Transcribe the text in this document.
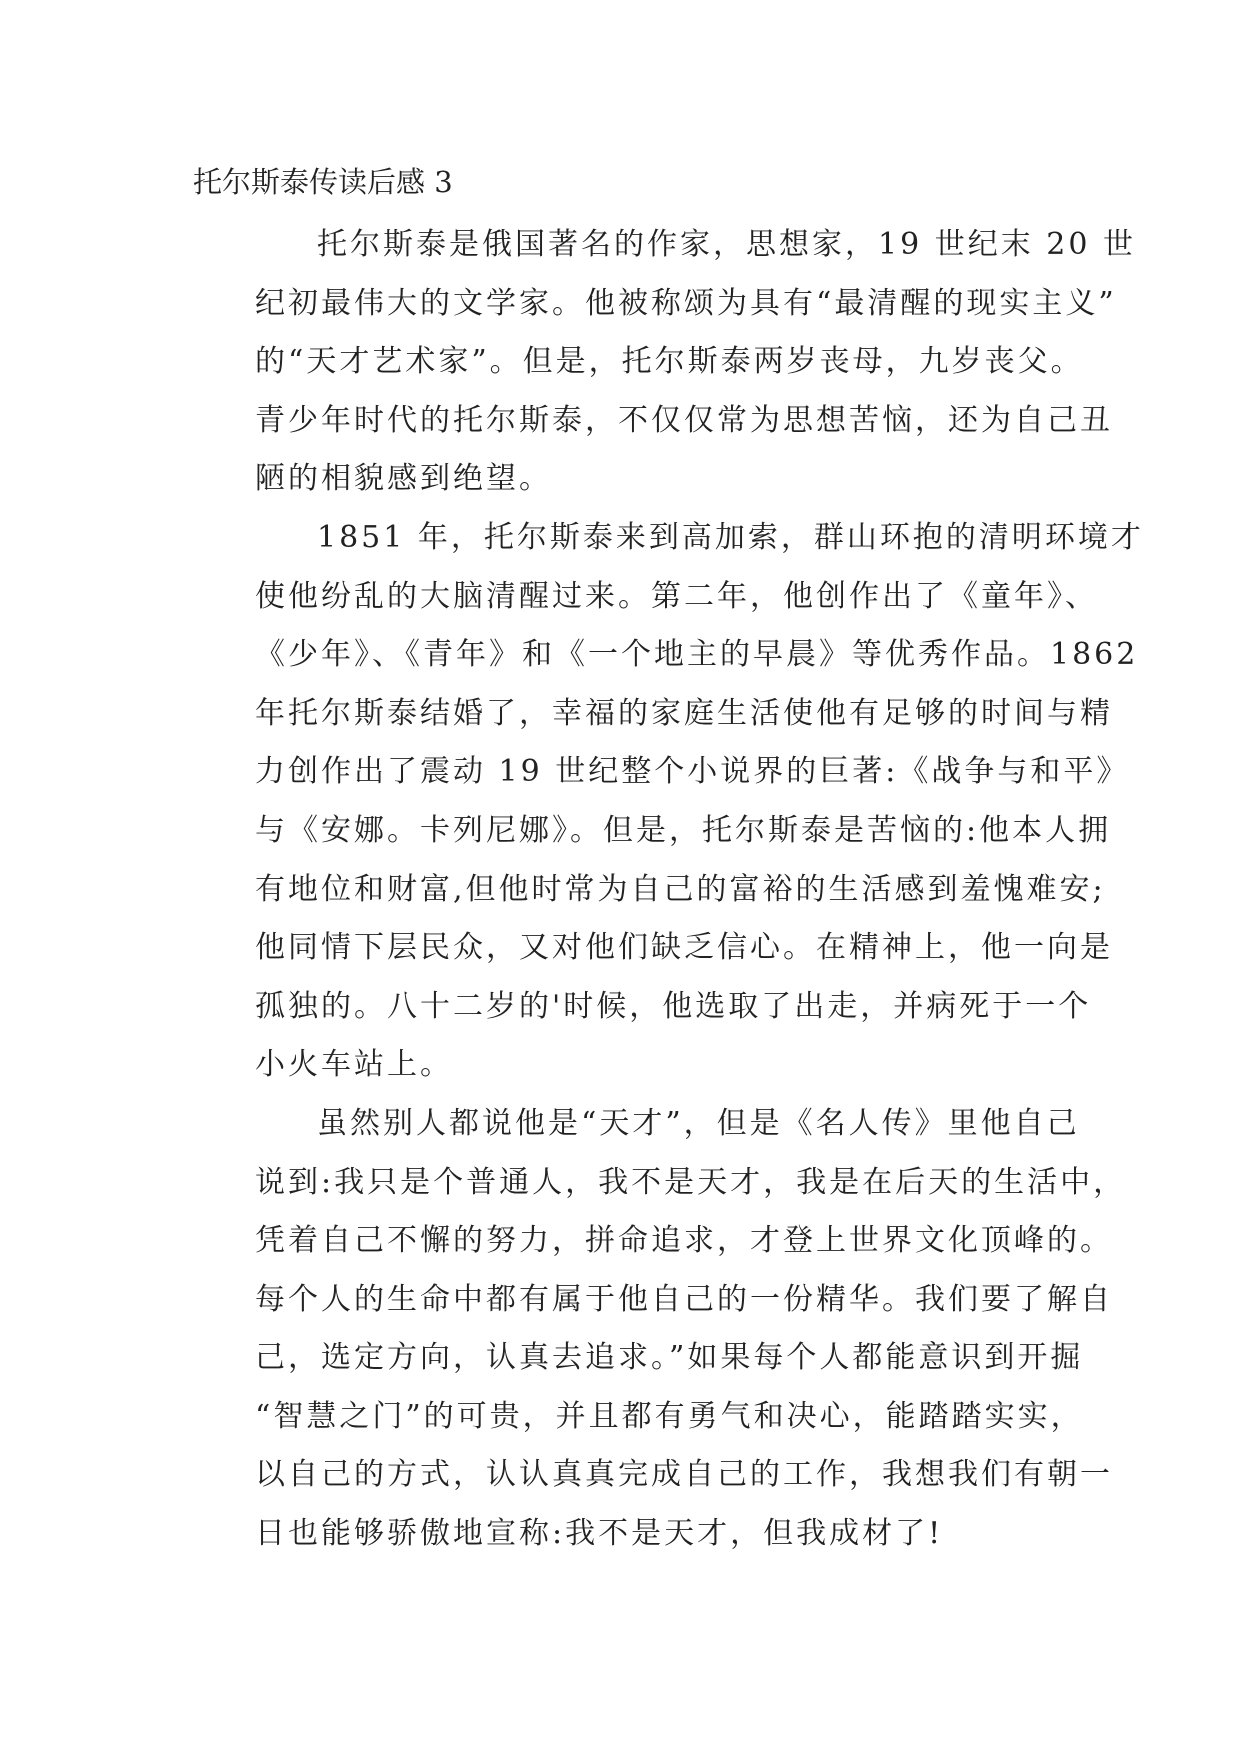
托尔斯泰传读后感 3
托尔斯泰是俄国著名的作家，思想家，19 世纪末 20 世
纪初最伟大的文学家。他被称颂为具有“最清醒的现实主义”
的“天才艺术家”。但是，托尔斯泰两岁丧母，九岁丧父。
青少年时代的托尔斯泰，不仅仅常为思想苦恼，还为自己丑
陋的相貌感到绝望。
1851 年，托尔斯泰来到高加索，群山环抱的清明环境才
使他纷乱的大脑清醒过来。第二年，他创作出了《童年》、
《少年》、《青年》和《一个地主的早晨》等优秀作品。1862
年托尔斯泰结婚了，幸福的家庭生活使他有足够的时间与精
力创作出了震动 19 世纪整个小说界的巨著:《战争与和平》
与《安娜。卡列尼娜》。但是，托尔斯泰是苦恼的:他本人拥
有地位和财富,但他时常为自己的富裕的生活感到羞愧难安;
他同情下层民众，又对他们缺乏信心。在精神上，他一向是
孤独的。八十二岁的'时候，他选取了出走，并病死于一个
小火车站上。
虽然别人都说他是“天才”，但是《名人传》里他自己
说到:我只是个普通人，我不是天才，我是在后天的生活中，
凭着自己不懈的努力，拼命追求，才登上世界文化顶峰的。
每个人的生命中都有属于他自己的一份精华。我们要了解自
己，选定方向，认真去追求。”如果每个人都能意识到开掘
“智慧之门”的可贵，并且都有勇气和决心，能踏踏实实，
以自己的方式，认认真真完成自己的工作，我想我们有朝一
日也能够骄傲地宣称:我不是天才，但我成材了!
